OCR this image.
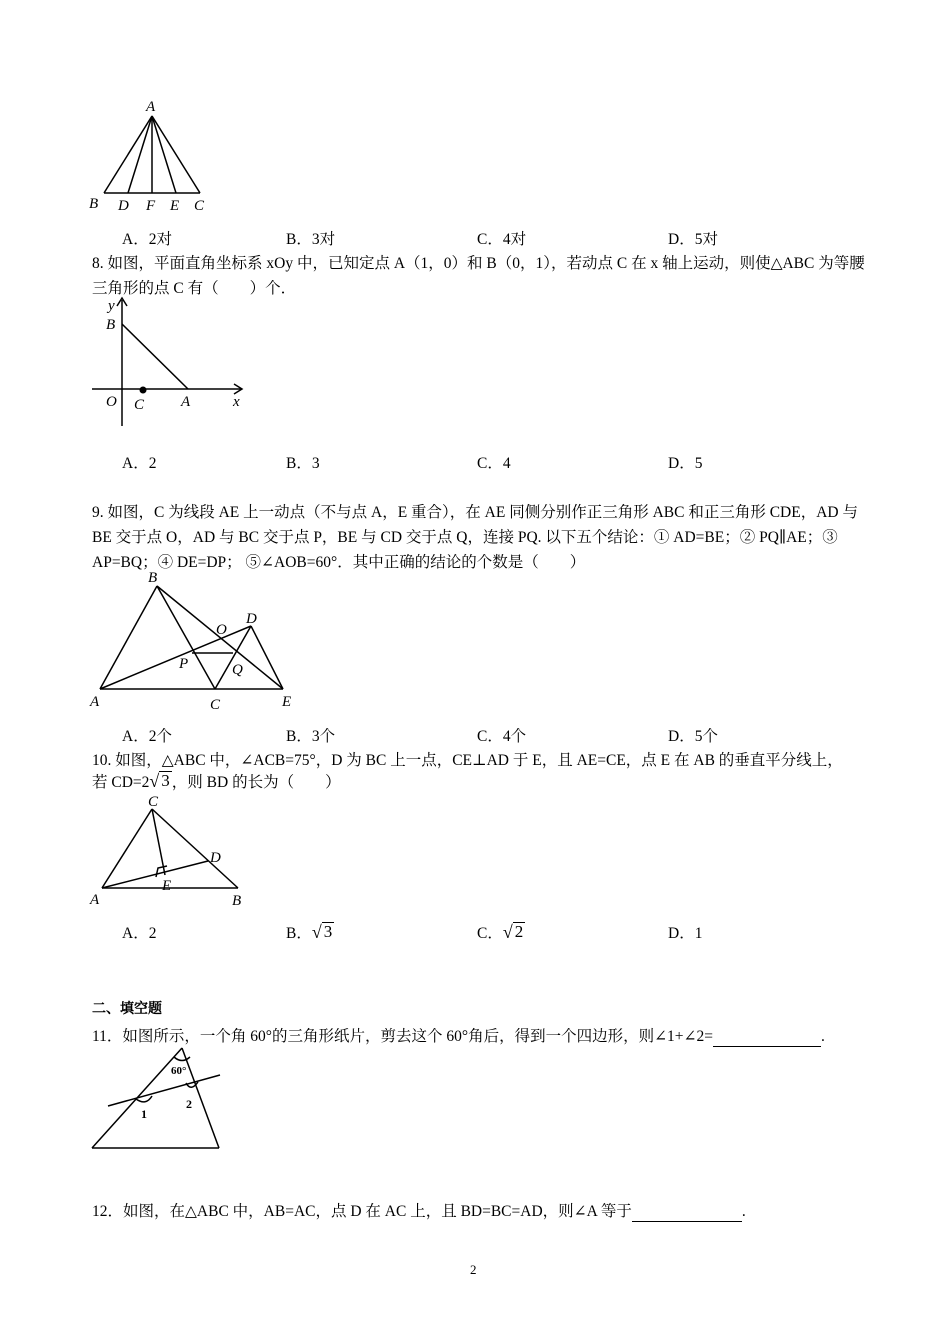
A
B D F E C
A．2对	B．3对	C．4对	D．5对
8. 如图，平面直角坐标系 xOy 中，已知定点 A（1，0）和 B（0，1），若动点 C 在 x 轴上运动，则使△ABC 为等腰三角形的点 C 有（　　）个．
y
B
O C A	x
A．2	B．3	C．4	D．5
9. 如图，C 为线段 AE 上一动点（不与点 A，E 重合），在 AE 同侧分别作正三角形 ABC 和正三角形 CDE，AD 与 BE 交于点 O，AD 与 BC 交于点 P，BE 与 CD 交于点 Q，连接 PQ. 以下五个结论：① AD=BE；② PQ∥AE；③ AP=BQ；④ DE=DP； ⑤∠AOB=60°．其中正确的结论的个数是（　　）
B
O
D
P	Q
A	C	E
A．2个	B．3个	C．4个	D．5个
10. 如图，△ABC 中，∠ACB=75°，D 为 BC 上一点，CE⊥AD 于 E，且 AE=CE，点 E 在 AB 的垂直平分线上，
若 CD=2 √ 3 ，则 BD 的长为（　　）
C
D
E
A	B
A．2	B． √ 3	C． √ 2	D．1
二、填空题
11．如图所示，一个角 60°的三角形纸片，剪去这个 60°角后，得到一个四边形，则∠1+∠2=	.
60°
1
2
12．如图，在△ABC 中，AB=AC，点 D 在 AC 上，且 BD=BC=AD，则∠A 等于	.
2
